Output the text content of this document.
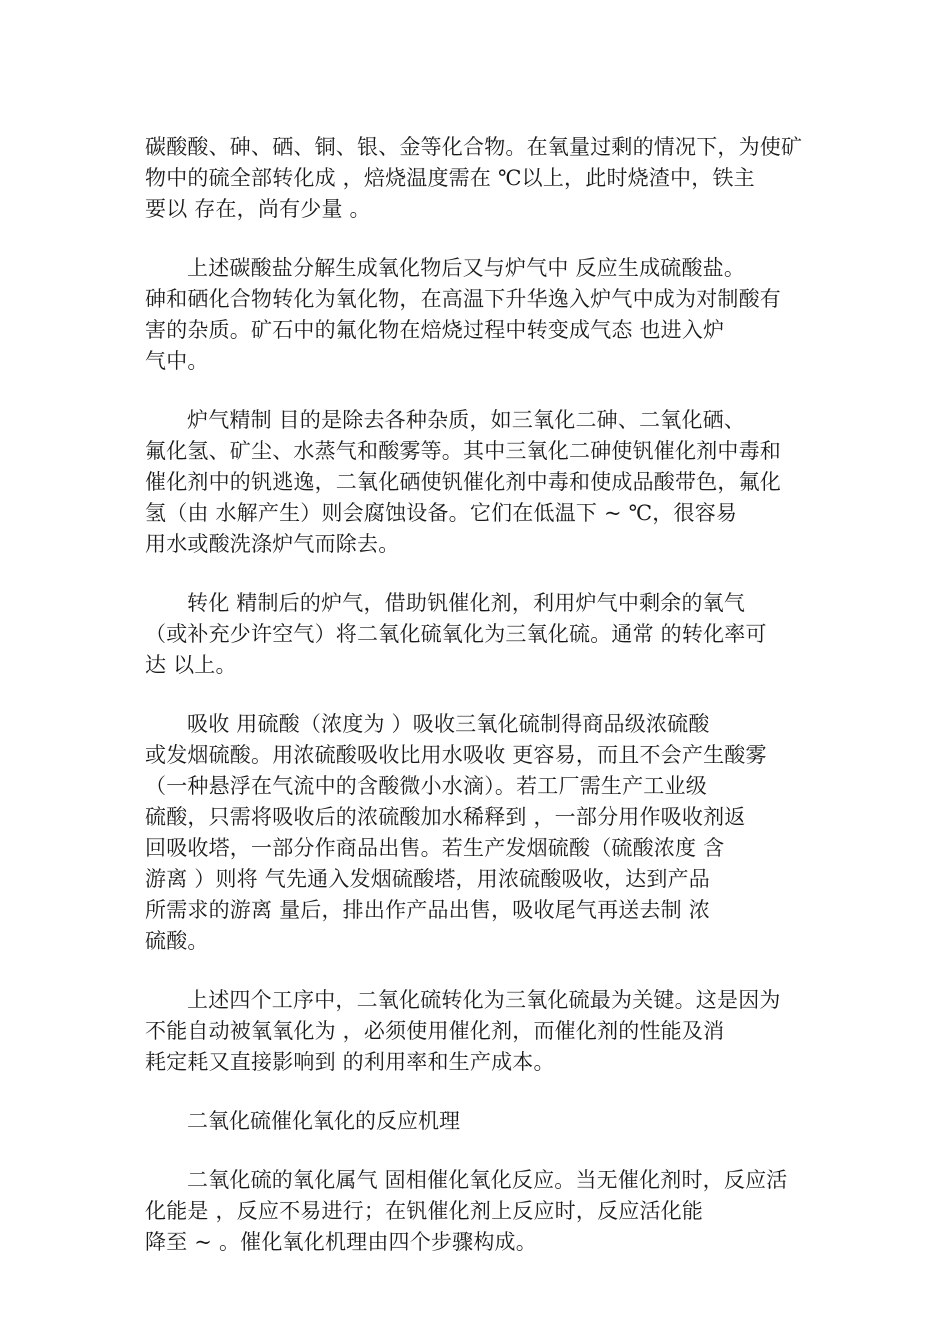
碳酸酸、砷、硒、铜、银、金等化合物。在氧量过剩的情况下，为使矿
物中的硫全部转化成 ，焙烧温度需在 ℃以上，此时烧渣中，铁主
要以 存在，尚有少量 。
上述碳酸盐分解生成氧化物后又与炉气中 反应生成硫酸盐。
砷和硒化合物转化为氧化物，在高温下升华逸入炉气中成为对制酸有
害的杂质。矿石中的氟化物在焙烧过程中转变成气态 也进入炉
气中。
炉气精制 目的是除去各种杂质，如三氧化二砷、二氧化硒、
氟化氢、矿尘、水蒸气和酸雾等。其中三氧化二砷使钒催化剂中毒和
催化剂中的钒逃逸，二氧化硒使钒催化剂中毒和使成品酸带色，氟化
氢（由 水解产生）则会腐蚀设备。它们在低温下 ~ ℃，很容易
用水或酸洗涤炉气而除去。
转化 精制后的炉气，借助钒催化剂，利用炉气中剩余的氧气
（或补充少许空气）将二氧化硫氧化为三氧化硫。通常 的转化率可
达 以上。
吸收 用硫酸（浓度为 ）吸收三氧化硫制得商品级浓硫酸
或发烟硫酸。用浓硫酸吸收比用水吸收 更容易，而且不会产生酸雾
（一种悬浮在气流中的含酸微小水滴）。若工厂需生产工业级
硫酸，只需将吸收后的浓硫酸加水稀释到 ，一部分用作吸收剂返
回吸收塔，一部分作商品出售。若生产发烟硫酸（硫酸浓度 含
游离 ）则将 气先通入发烟硫酸塔，用浓硫酸吸收，达到产品
所需求的游离 量后，排出作产品出售，吸收尾气再送去制 浓
硫酸。
上述四个工序中，二氧化硫转化为三氧化硫最为关键。这是因为
不能自动被氧氧化为 ，必须使用催化剂，而催化剂的性能及消
耗定耗又直接影响到 的利用率和生产成本。
二氧化硫催化氧化的反应机理
二氧化硫的氧化属气 固相催化氧化反应。当无催化剂时，反应活
化能是 ，反应不易进行；在钒催化剂上反应时，反应活化能
降至 ~ 。催化氧化机理由四个步骤构成。
